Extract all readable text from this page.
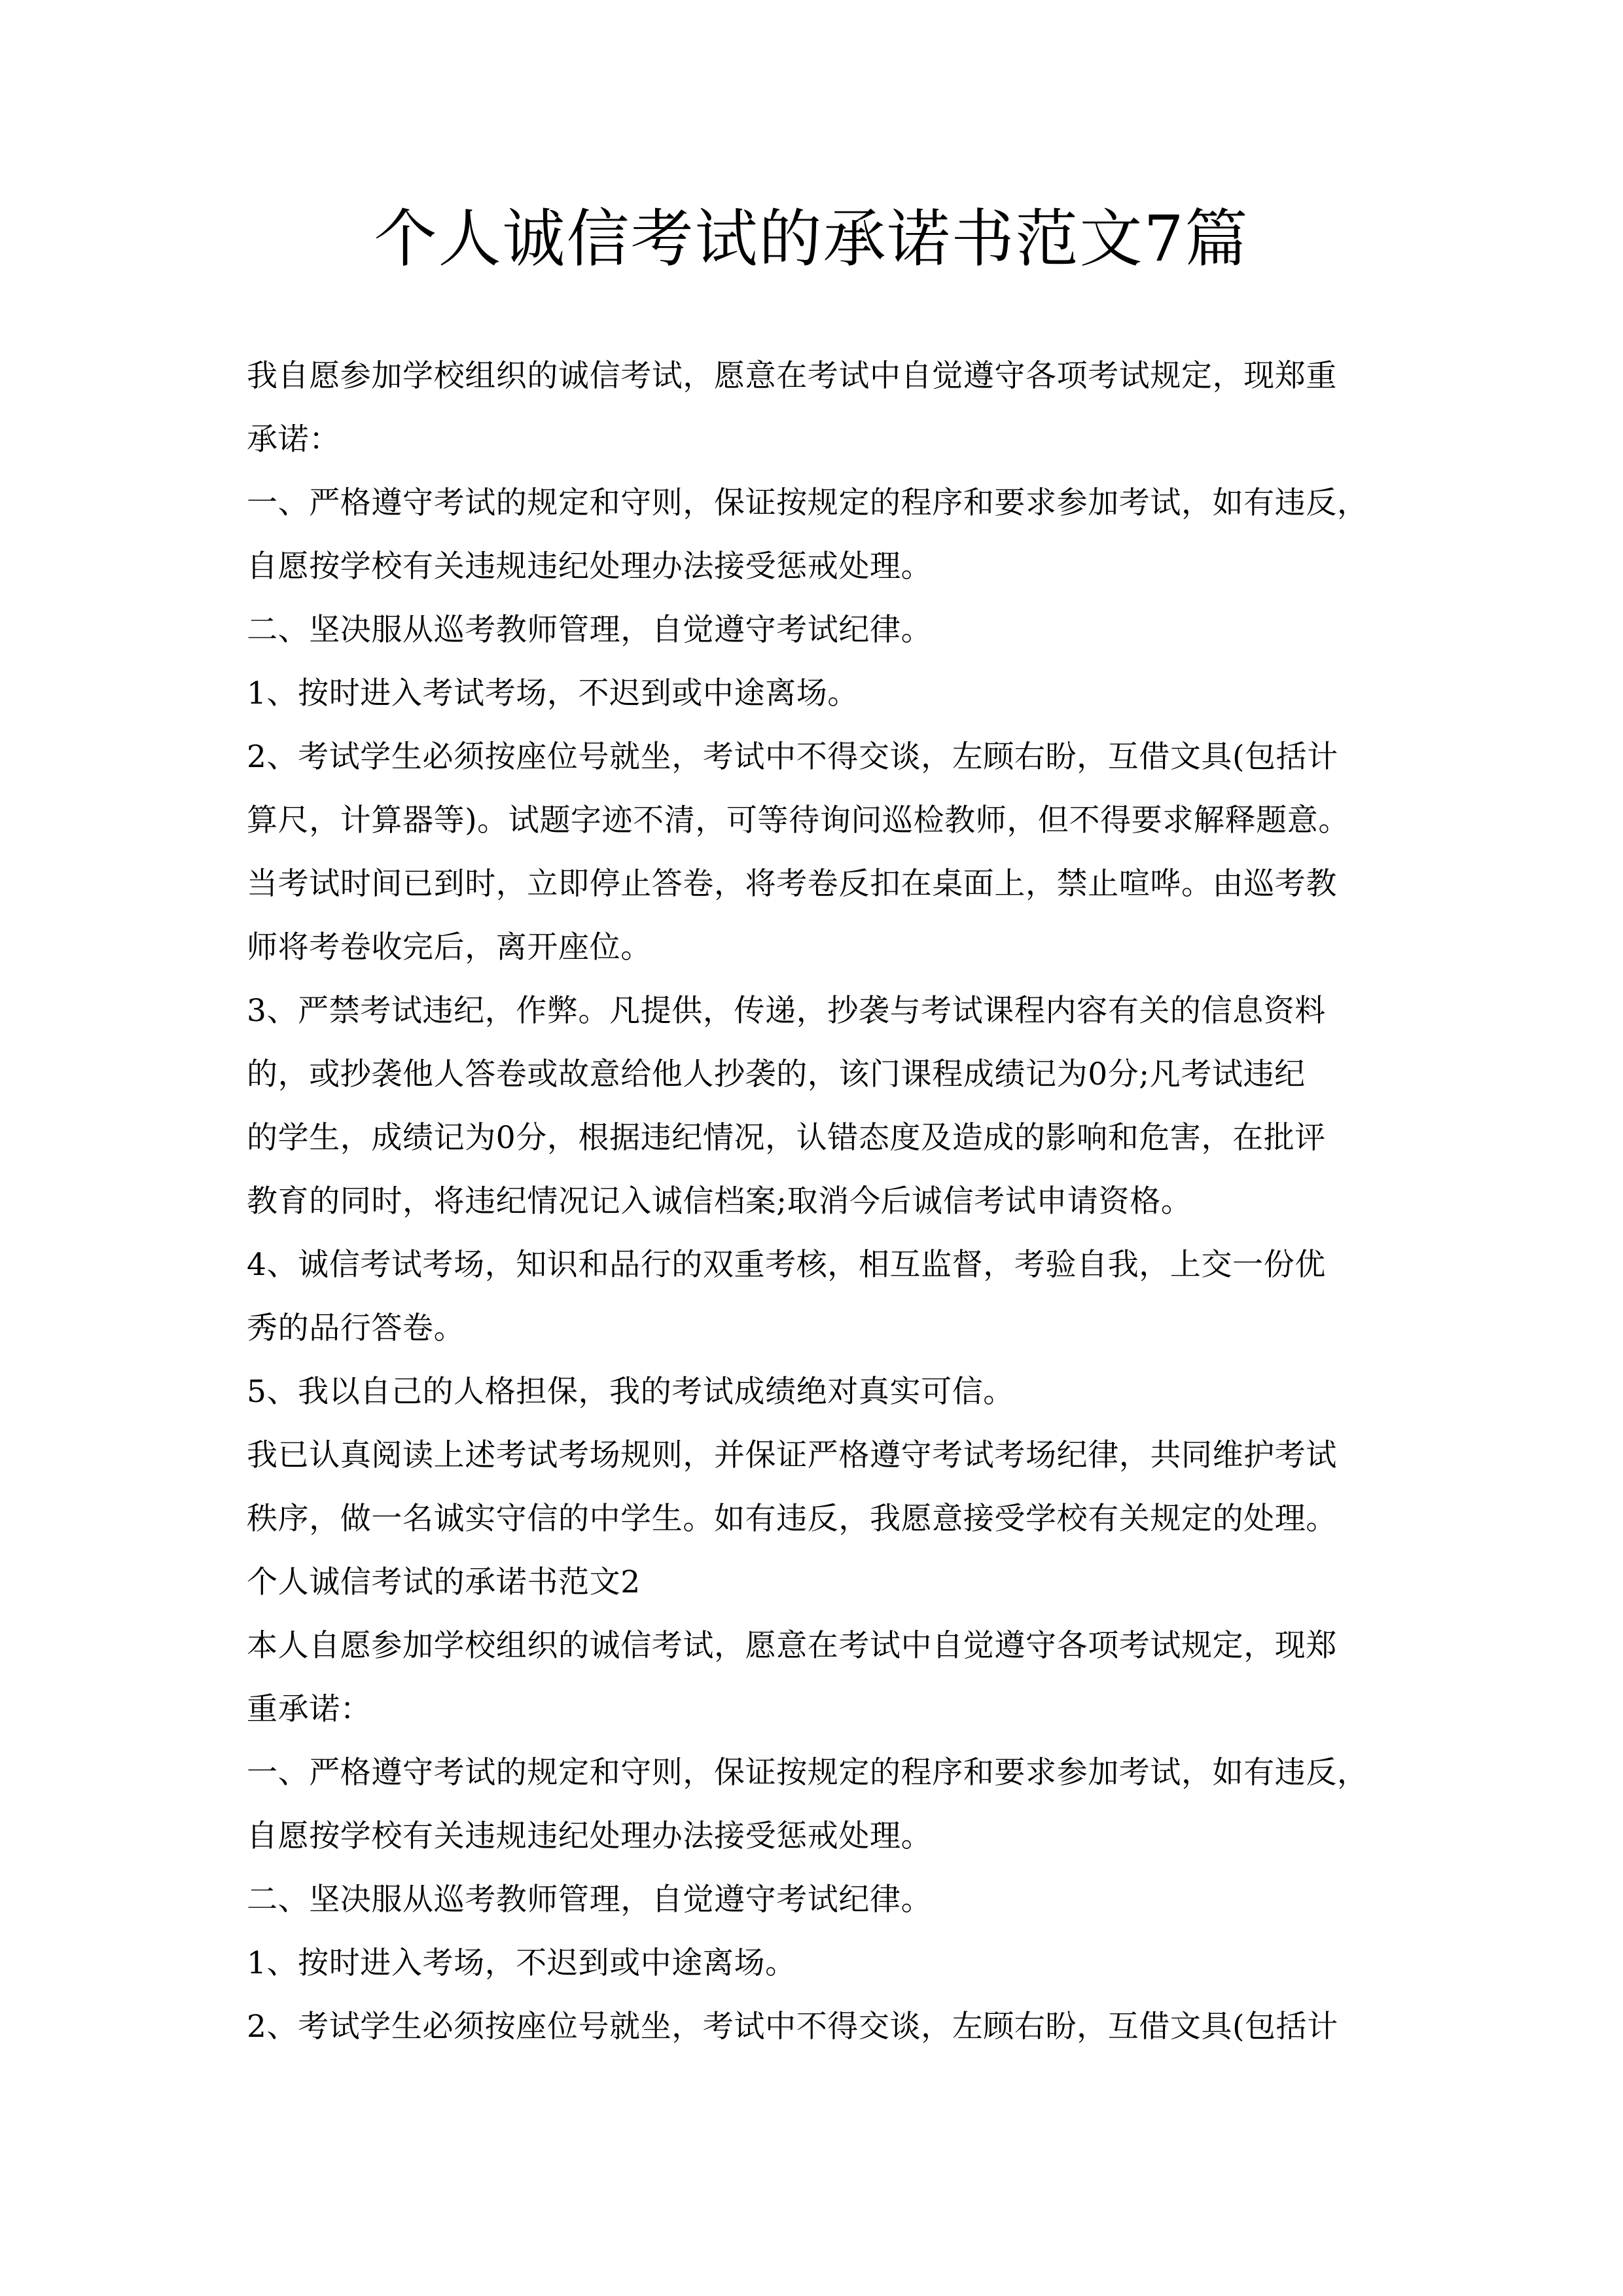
个人诚信考试的承诺书范文7篇
我自愿参加学校组织的诚信考试，愿意在考试中自觉遵守各项考试规定，现郑重
承诺：
一、严格遵守考试的规定和守则，保证按规定的程序和要求参加考试，如有违反，
自愿按学校有关违规违纪处理办法接受惩戒处理。
二、坚决服从巡考教师管理，自觉遵守考试纪律。
1、按时进入考试考场，不迟到或中途离场。
2、考试学生必须按座位号就坐，考试中不得交谈，左顾右盼，互借文具(包括计
算尺，计算器等)。试题字迹不清，可等待询问巡检教师，但不得要求解释题意。
当考试时间已到时，立即停止答卷，将考卷反扣在桌面上，禁止喧哗。由巡考教
师将考卷收完后，离开座位。
3、严禁考试违纪，作弊。凡提供，传递，抄袭与考试课程内容有关的信息资料
的，或抄袭他人答卷或故意给他人抄袭的，该门课程成绩记为0分;凡考试违纪
的学生，成绩记为0分，根据违纪情况，认错态度及造成的影响和危害，在批评
教育的同时，将违纪情况记入诚信档案;取消今后诚信考试申请资格。
4、诚信考试考场，知识和品行的双重考核，相互监督，考验自我，上交一份优
秀的品行答卷。
5、我以自己的人格担保，我的考试成绩绝对真实可信。
我已认真阅读上述考试考场规则，并保证严格遵守考试考场纪律，共同维护考试
秩序，做一名诚实守信的中学生。如有违反，我愿意接受学校有关规定的处理。
个人诚信考试的承诺书范文2
本人自愿参加学校组织的诚信考试，愿意在考试中自觉遵守各项考试规定，现郑
重承诺：
一、严格遵守考试的规定和守则，保证按规定的程序和要求参加考试，如有违反，
自愿按学校有关违规违纪处理办法接受惩戒处理。
二、坚决服从巡考教师管理，自觉遵守考试纪律。
1、按时进入考场，不迟到或中途离场。
2、考试学生必须按座位号就坐，考试中不得交谈，左顾右盼，互借文具(包括计
